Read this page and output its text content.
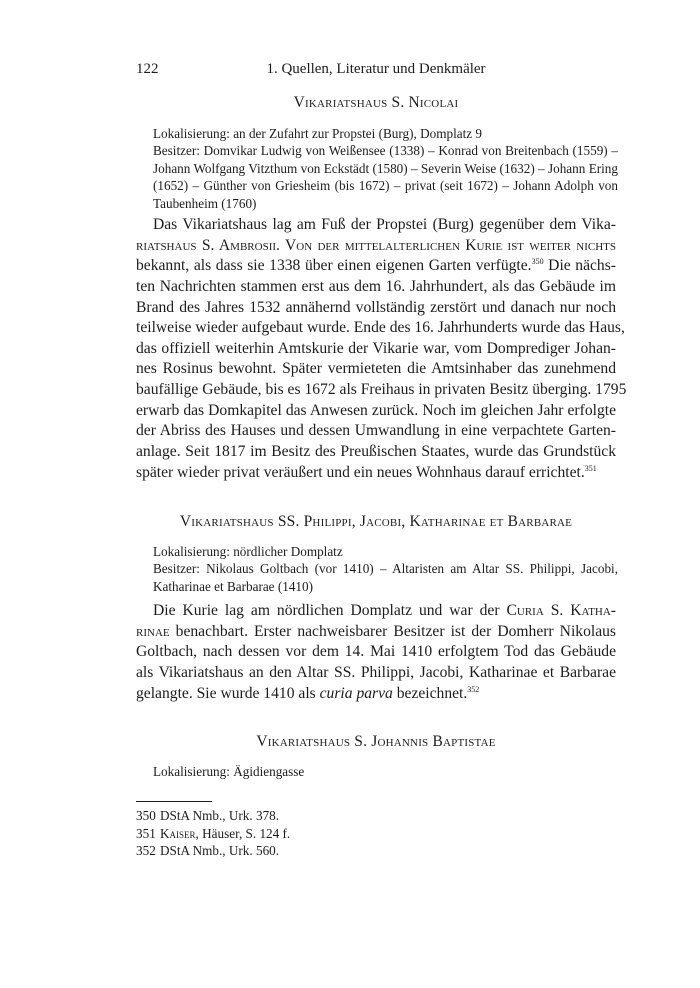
122	1. Quellen, Literatur und Denkmäler
Vikariatshaus S. Nicolai

Lokalisierung: an der Zufahrt zur Propstei (Burg), Domplatz 9

Besitzer: Domvikar Ludwig von Weißensee (1338) – Konrad von Breitenbach (1559) – Johann Wolfgang Vitzthum von Eckstädt (1580) – Severin Weise (1632) – Johann Ering (1652) – Günther von Griesheim (bis 1672) – privat (seit 1672) – Johann Adolph von Taubenheim (1760)

Das Vikariatshaus lag am Fuß der Propstei (Burg) gegenüber dem Vika-
riatshaus S. Ambrosii. Von der mittelalterlichen Kurie ist weiter nichts
bekannt, als dass sie 1338 über einen eigenen Garten verfügte.$^{350}$ Die nächs-
ten Nachrichten stammen erst aus dem 16. Jahrhundert, als das Gebäude im
Brand des Jahres 1532 annähernd vollständig zerstört und danach nur noch
teilweise wieder aufgebaut wurde. Ende des 16. Jahrhunderts wurde das Haus,
das offiziell weiterhin Amtskurie der Vikarie war, vom Domprediger Johan-
nes Rosinus bewohnt. Später vermieteten die Amtsinhaber das zunehmend
baufällige Gebäude, bis es 1672 als Freihaus in privaten Besitz überging. 1795
erwarb das Domkapitel das Anwesen zurück. Noch im gleichen Jahr erfolgte
der Abriss des Hauses und dessen Umwandlung in eine verpachtete Garten-
anlage. Seit 1817 im Besitz des Preußischen Staates, wurde das Grundstück
später wieder privat veräußert und ein neues Wohnhaus darauf errichtet.$^{351}$
Vikariatshaus SS. Philippi, Jacobi, Katharinae et Barbarae

Lokalisierung: nördlicher Domplatz

Besitzer: Nikolaus Goltbach (vor 1410) – Altaristen am Altar SS. Philippi, Jacobi, Katharinae et Barbarae (1410)

Die Kurie lag am nördlichen Domplatz und war der Curia S. Katha-
rinae benachbart. Erster nachweisbarer Besitzer ist der Domherr Nikolaus
Goltbach, nach dessen vor dem 14. Mai 1410 erfolgtem Tod das Gebäude
als Vikariatshaus an den Altar SS. Philippi, Jacobi, Katharinae et Barbarae
gelangte. Sie wurde 1410 als curia parva bezeichnet.$^{352}$
Vikariatshaus S. Johannis Baptistae

Lokalisierung: Ägidiengasse

350 DStA Nmb., Urk. 378.
351 Kaiser, Häuser, S. 124 f.
352 DStA Nmb., Urk. 560.
